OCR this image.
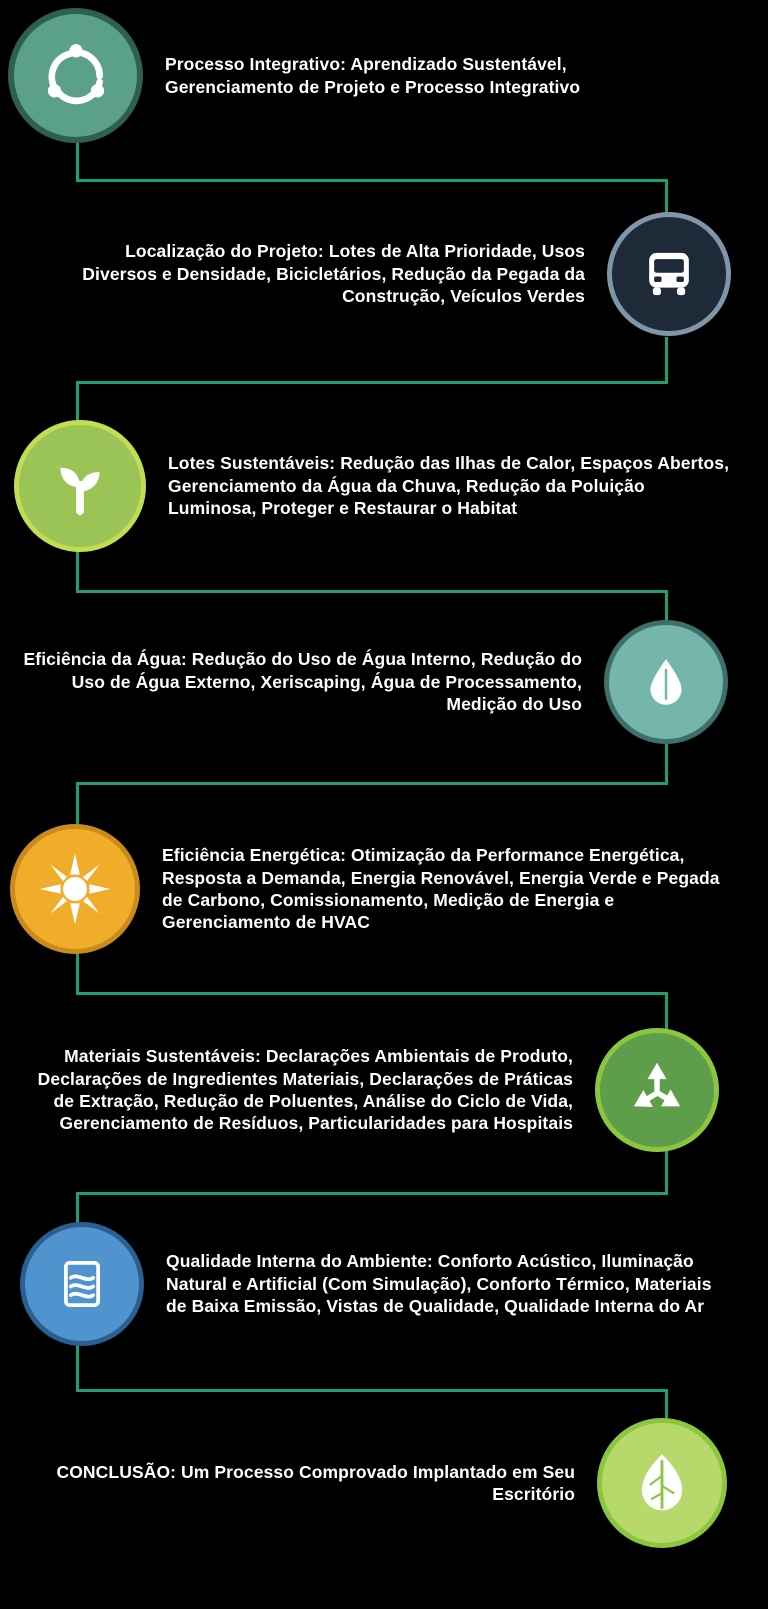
Processo Integrativo: Aprendizado Sustentável, Gerenciamento de Projeto e Processo Integrativo
Localização do Projeto: Lotes de Alta Prioridade, Usos Diversos e Densidade, Bicicletários, Redução da Pegada da Construção, Veículos Verdes
Lotes Sustentáveis: Redução das Ilhas de Calor, Espaços Abertos, Gerenciamento da Água da Chuva, Redução da Poluição Luminosa, Proteger e Restaurar o Habitat
Eficiência da Água: Redução do Uso de Água Interno, Redução do Uso de Água Externo, Xeriscaping, Água de Processamento, Medição do Uso
Eficiência Energética: Otimização da Performance Energética, Resposta a Demanda, Energia Renovável, Energia Verde e Pegada de Carbono, Comissionamento, Medição de Energia e Gerenciamento de HVAC
Materiais Sustentáveis: Declarações Ambientais de Produto, Declarações de Ingredientes Materiais, Declarações de Práticas de Extração, Redução de Poluentes, Análise do Ciclo de Vida, Gerenciamento de Resíduos, Particularidades para Hospitais
Qualidade Interna do Ambiente: Conforto Acústico, Iluminação Natural e Artificial (Com Simulação), Conforto Térmico, Materiais de Baixa Emissão, Vistas de Qualidade, Qualidade Interna do Ar
CONCLUSÃO: Um Processo Comprovado Implantado em Seu Escritório
